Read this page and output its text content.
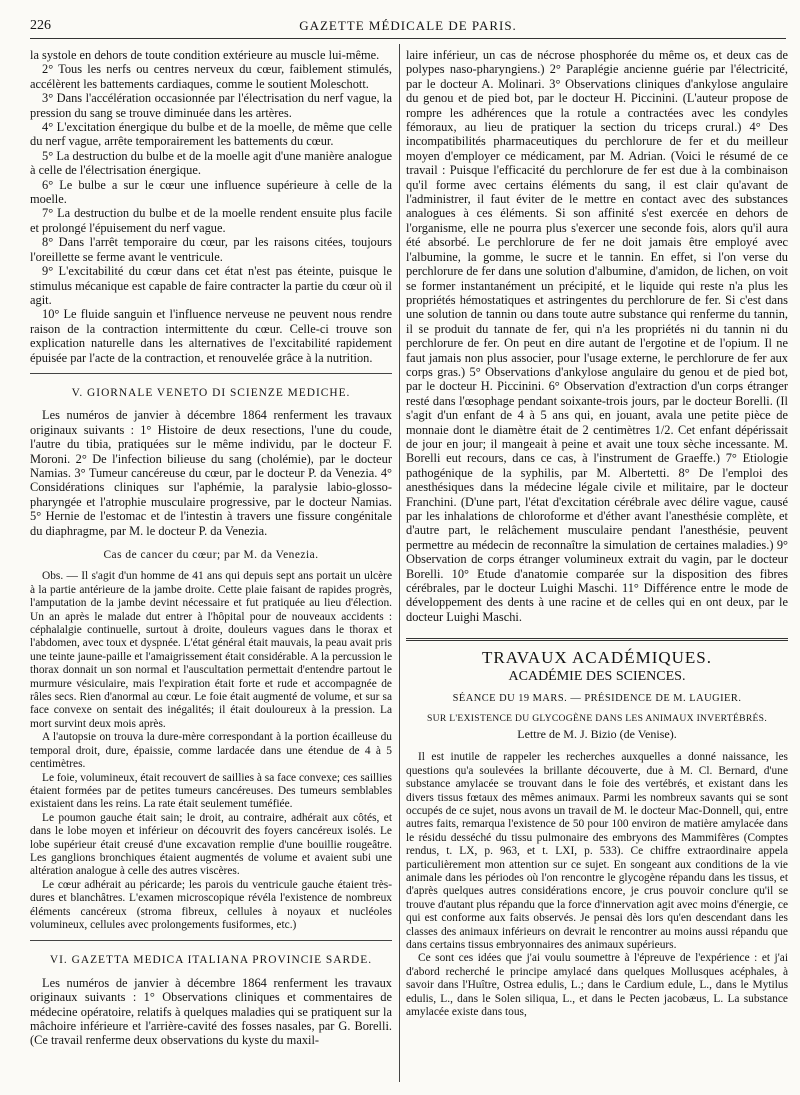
226	GAZETTE MÉDICALE DE PARIS.

la systole en dehors de toute condition extérieure au muscle lui-même.

2° Tous les nerfs ou centres nerveux du cœur, faiblement stimulés, accélèrent les battements cardiaques, comme le soutient Moleschott.

3° Dans l'accélération occasionnée par l'électrisation du nerf vague, la pression du sang se trouve diminuée dans les artères.

4° L'excitation énergique du bulbe et de la moelle, de même que celle du nerf vague, arrête temporairement les battements du cœur.

5° La destruction du bulbe et de la moelle agit d'une manière analogue à celle de l'électrisation énergique.

6° Le bulbe a sur le cœur une influence supérieure à celle de la moelle.

7° La destruction du bulbe et de la moelle rendent ensuite plus facile et prolongé l'épuisement du nerf vague.

8° Dans l'arrêt temporaire du cœur, par les raisons citées, toujours l'oreillette se ferme avant le ventricule.

9° L'excitabilité du cœur dans cet état n'est pas éteinte, puisque le stimulus mécanique est capable de faire contracter la partie du cœur où il agit.

10° Le fluide sanguin et l'influence nerveuse ne peuvent nous rendre raison de la contraction intermittente du cœur. Celle-ci trouve son explication naturelle dans les alternatives de l'excitabilité rapidement épuisée par l'acte de la contraction, et renouvelée grâce à la nutrition.

V. GIORNALE VENETO DI SCIENZE MEDICHE.

Les numéros de janvier à décembre 1864 renferment les travaux originaux suivants : 1° Histoire de deux resections, l'une du coude, l'autre du tibia, pratiquées sur le même individu, par le docteur F. Moroni. 2° De l'infection bilieuse du sang (cholémie), par le docteur Namias. 3° Tumeur cancéreuse du cœur, par le docteur P. da Venezia. 4° Considérations cliniques sur l'aphémie, la paralysie labio-glosso-pharyngée et l'atrophie musculaire progressive, par le docteur Namias. 5° Hernie de l'estomac et de l'intestin à travers une fissure congénitale du diaphragme, par M. le docteur P. da Venezia.

Cas de cancer du cœur; par M. da Venezia.

Obs. — Il s'agit d'un homme de 41 ans qui depuis sept ans portait un ulcère à la partie antérieure de la jambe droite. Cette plaie faisant de rapides progrès, l'amputation de la jambe devint nécessaire et fut pratiquée au lieu d'élection. Un an après le malade dut entrer à l'hôpital pour de nouveaux accidents : céphalalgie continuelle, surtout à droite, douleurs vagues dans le thorax et l'abdomen, avec toux et dyspnée. L'état général était mauvais, la peau avait pris une teinte jaune-paille et l'amaigrissement était considérable. A la percussion le thorax donnait un son normal et l'auscultation permettait d'entendre partout le murmure vésiculaire, mais l'expiration était forte et rude et accompagnée de râles secs. Rien d'anormal au cœur. Le foie était augmenté de volume, et sur sa face convexe on sentait des inégalités; il était douloureux à la pression. La mort survint deux mois après.

A l'autopsie on trouva la dure-mère correspondant à la portion écailleuse du temporal droit, dure, épaissie, comme lardacée dans une étendue de 4 à 5 centimètres.

Le foie, volumineux, était recouvert de saillies à sa face convexe; ces saillies étaient formées par de petites tumeurs cancéreuses. Des tumeurs semblables existaient dans les reins. La rate était seulement tuméfiée.

Le poumon gauche était sain; le droit, au contraire, adhérait aux côtés, et dans le lobe moyen et inférieur on découvrit des foyers cancéreux isolés. Le lobe supérieur était creusé d'une excavation remplie d'une bouillie rougeâtre. Les ganglions bronchiques étaient augmentés de volume et avaient subi une altération analogue à celle des autres viscères.

Le cœur adhérait au péricarde; les parois du ventricule gauche étaient très-dures et blanchâtres. L'examen microscopique révéla l'existence de nombreux éléments cancéreux (stroma fibreux, cellules à noyaux et nucléoles volumineux, cellules avec prolongements fusiformes, etc.)

VI. GAZETTA MEDICA ITALIANA PROVINCIE SARDE.

Les numéros de janvier à décembre 1864 renferment les travaux originaux suivants : 1° Observations cliniques et commentaires de médecine opératoire, relatifs à quelques maladies qui se pratiquent sur la mâchoire inférieure et l'arrière-cavité des fosses nasales, par G. Borelli. (Ce travail renferme deux observations du kyste du maxil-

laire inférieur, un cas de nécrose phosphorée du même os, et deux cas de polypes naso-pharyngiens.) 2° Paraplégie ancienne guérie par l'électricité, par le docteur A. Molinari. 3° Observations cliniques d'ankylose angulaire du genou et de pied bot, par le docteur H. Piccinini. (L'auteur propose de rompre les adhérences que la rotule a contractées avec les condyles fémoraux, au lieu de pratiquer la section du triceps crural.) 4° Des incompatibilités pharmaceutiques du perchlorure de fer et du meilleur moyen d'employer ce médicament, par M. Adrian. (Voici le résumé de ce travail : Puisque l'efficacité du perchlorure de fer est due à la combinaison qu'il forme avec certains éléments du sang, il est clair qu'avant de l'administrer, il faut éviter de le mettre en contact avec des substances analogues à ces éléments. Si son affinité s'est exercée en dehors de l'organisme, elle ne pourra plus s'exercer une seconde fois, alors qu'il aura été absorbé. Le perchlorure de fer ne doit jamais être employé avec l'albumine, la gomme, le sucre et le tannin. En effet, si l'on verse du perchlorure de fer dans une solution d'albumine, d'amidon, de lichen, on voit se former instantanément un précipité, et le liquide qui reste n'a plus les propriétés hémostatiques et astringentes du perchlorure de fer. Si c'est dans une solution de tannin ou dans toute autre substance qui renferme du tannin, il se produit du tannate de fer, qui n'a les propriétés ni du tannin ni du perchlorure de fer. On peut en dire autant de l'ergotine et de l'opium. Il ne faut jamais non plus associer, pour l'usage externe, le perchlorure de fer aux corps gras.) 5° Observations d'ankylose angulaire du genou et de pied bot, par le docteur H. Piccinini. 6° Observation d'extraction d'un corps étranger resté dans l'œsophage pendant soixante-trois jours, par le docteur Borelli. (Il s'agit d'un enfant de 4 à 5 ans qui, en jouant, avala une petite pièce de monnaie dont le diamètre était de 2 centimètres 1/2. Cet enfant dépérissait de jour en jour; il mangeait à peine et avait une toux sèche incessante. M. Borelli eut recours, dans ce cas, à l'instrument de Graeffe.) 7° Etiologie pathogénique de la syphilis, par M. Albertetti. 8° De l'emploi des anesthésiques dans la médecine légale civile et militaire, par le docteur Franchini. (D'une part, l'état d'excitation cérébrale avec délire vague, causé par les inhalations de chloroforme et d'éther avant l'anesthésie complète, et d'autre part, le relâchement musculaire pendant l'anesthésie, peuvent permettre au médecin de reconnaître la simulation de certaines maladies.) 9° Observation de corps étranger volumineux extrait du vagin, par le docteur Borelli. 10° Etude d'anatomie comparée sur la disposition des fibres cérébrales, par le docteur Luighi Maschi. 11° Différence entre le mode de développement des dents à une racine et de celles qui en ont deux, par le docteur Luighi Maschi.

TRAVAUX ACADÉMIQUES.
ACADÉMIE DES SCIENCES.
SÉANCE DU 19 MARS. — PRÉSIDENCE DE M. LAUGIER.
SUR L'EXISTENCE DU GLYCOGÈNE DANS LES ANIMAUX INVERTÉBRÉS.
Lettre de M. J. Bizio (de Venise).

Il est inutile de rappeler les recherches auxquelles a donné naissance, les questions qu'a soulevées la brillante découverte, due à M. Cl. Bernard, d'une substance amylacée se trouvant dans le foie des vertébrés, et existant dans les divers tissus fœtaux des mêmes animaux. Parmi les nombreux savants qui se sont occupés de ce sujet, nous avons un travail de M. le docteur Mac-Donnell, qui, entre autres faits, remarqua l'existence de 50 pour 100 environ de matière amylacée dans le résidu desséché du tissu pulmonaire des embryons des Mammifères (Comptes rendus, t. LX, p. 963, et t. LXI, p. 533). Ce chiffre extraordinaire appela particulièrement mon attention sur ce sujet. En songeant aux conditions de la vie animale dans les périodes où l'on rencontre le glycogène répandu dans les tissus, et d'après quelques autres considérations encore, je crus pouvoir conclure qu'il se trouve d'autant plus répandu que la force d'innervation agit avec moins d'énergie, ce qui est conforme aux faits observés. Je pensai dès lors qu'en descendant dans les classes des animaux inférieurs on devrait le rencontrer au moins aussi répandu que dans certains tissus embryonnaires des animaux supérieurs.

Ce sont ces idées que j'ai voulu soumettre à l'épreuve de l'expérience : et j'ai d'abord recherché le principe amylacé dans quelques Mollusques acéphales, à savoir dans l'Huître, Ostrea edulis, L.; dans le Cardium edule, L., dans le Mytilus edulis, L., dans le Solen siliqua, L., et dans le Pecten jacobæus, L. La substance amylacée existe dans tous,
